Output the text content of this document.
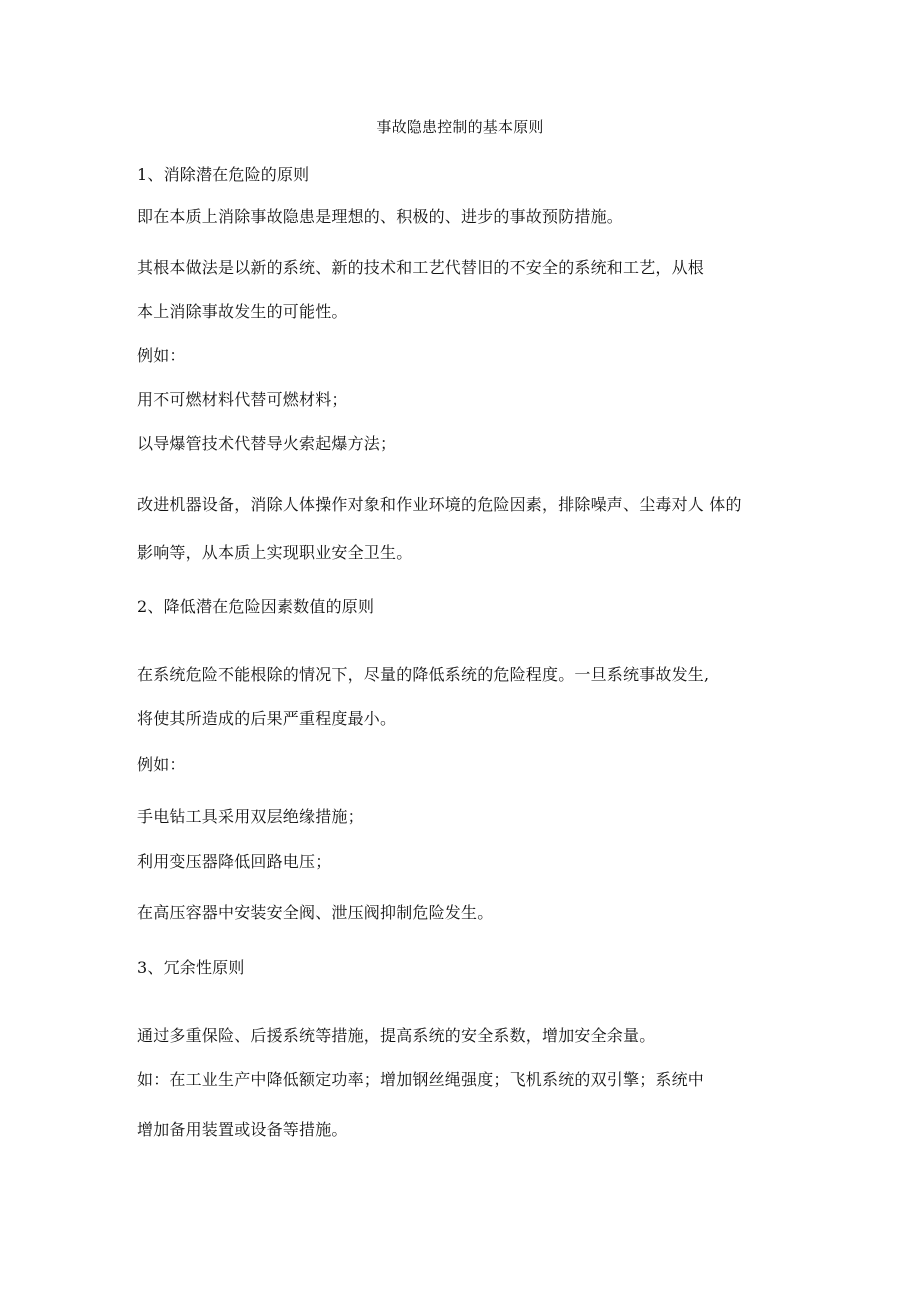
事故隐患控制的基本原则
1、消除潜在危险的原则
即在本质上消除事故隐患是理想的、积极的、进步的事故预防措施。
其根本做法是以新的系统、新的技术和工艺代替旧的不安全的系统和工艺，从根
本上消除事故发生的可能性。
例如：
用不可燃材料代替可燃材料；
以导爆管技术代替导火索起爆方法；
改进机器设备，消除人体操作对象和作业环境的危险因素，排除噪声、尘毒对人 体的
影响等，从本质上实现职业安全卫生。
2、降低潜在危险因素数值的原则
在系统危险不能根除的情况下，尽量的降低系统的危险程度。一旦系统事故发生,
将使其所造成的后果严重程度最小。
例如：
手电钻工具采用双层绝缘措施；
利用变压器降低回路电压；
在高压容器中安装安全阀、泄压阀抑制危险发生。
3、冗余性原则
通过多重保险、后援系统等措施，提高系统的安全系数，增加安全余量。
如：在工业生产中降低额定功率；增加钢丝绳强度；飞机系统的双引擎；系统中
增加备用装置或设备等措施。
